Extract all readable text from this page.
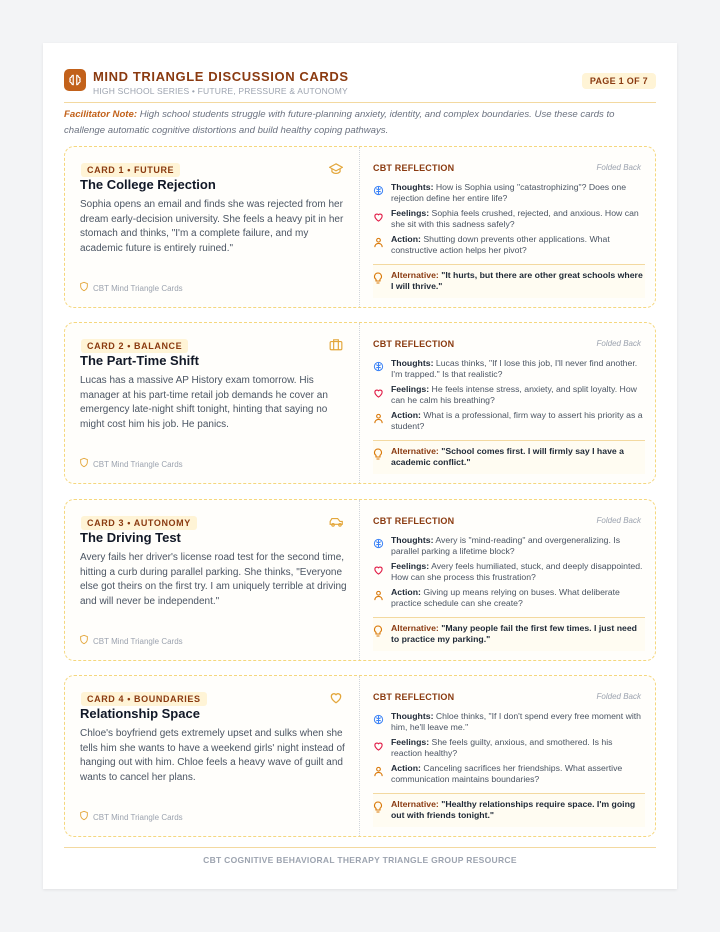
MIND TRIANGLE DISCUSSION CARDS
HIGH SCHOOL SERIES • FUTURE, PRESSURE & AUTONOMY
PAGE 1 OF 7

Facilitator Note: High school students struggle with future-planning anxiety, identity, and complex boundaries. Use these cards to challenge automatic cognitive distortions and build healthy coping pathways.

CARD 1 • FUTURE
The College Rejection
Sophia opens an email and finds she was rejected from her dream early-decision university. She feels a heavy pit in her stomach and thinks, "I'm a complete failure, and my academic future is entirely ruined."
CBT Mind Triangle Cards
CBT REFLECTION	Folded Back
Thoughts: How is Sophia using "catastrophizing"? Does one rejection define her entire life?
Feelings: Sophia feels crushed, rejected, and anxious. How can she sit with this sadness safely?
Action: Shutting down prevents other applications. What constructive action helps her pivot?
Alternative: "It hurts, but there are other great schools where I will thrive."
CARD 2 • BALANCE
The Part-Time Shift
Lucas has a massive AP History exam tomorrow. His manager at his part-time retail job demands he cover an emergency late-night shift tonight, hinting that saying no might cost him his job. He panics.
CBT Mind Triangle Cards
CBT REFLECTION	Folded Back
Thoughts: Lucas thinks, "If I lose this job, I'll never find another. I'm trapped." Is that realistic?
Feelings: He feels intense stress, anxiety, and split loyalty. How can he calm his breathing?
Action: What is a professional, firm way to assert his priority as a student?
Alternative: "School comes first. I will firmly say I have a academic conflict."
CARD 3 • AUTONOMY
The Driving Test
Avery fails her driver's license road test for the second time, hitting a curb during parallel parking. She thinks, "Everyone else got theirs on the first try. I am uniquely terrible at driving and will never be independent."
CBT Mind Triangle Cards
CBT REFLECTION	Folded Back
Thoughts: Avery is "mind-reading" and overgeneralizing. Is parallel parking a lifetime block?
Feelings: Avery feels humiliated, stuck, and deeply disappointed. How can she process this frustration?
Action: Giving up means relying on buses. What deliberate practice schedule can she create?
Alternative: "Many people fail the first few times. I just need to practice my parking."
CARD 4 • BOUNDARIES
Relationship Space
Chloe's boyfriend gets extremely upset and sulks when she tells him she wants to have a weekend girls' night instead of hanging out with him. Chloe feels a heavy wave of guilt and wants to cancel her plans.
CBT Mind Triangle Cards
CBT REFLECTION	Folded Back
Thoughts: Chloe thinks, "If I don't spend every free moment with him, he'll leave me."
Feelings: She feels guilty, anxious, and smothered. Is his reaction healthy?
Action: Canceling sacrifices her friendships. What assertive communication maintains boundaries?
Alternative: "Healthy relationships require space. I'm going out with friends tonight."
CBT COGNITIVE BEHAVIORAL THERAPY TRIANGLE GROUP RESOURCE
